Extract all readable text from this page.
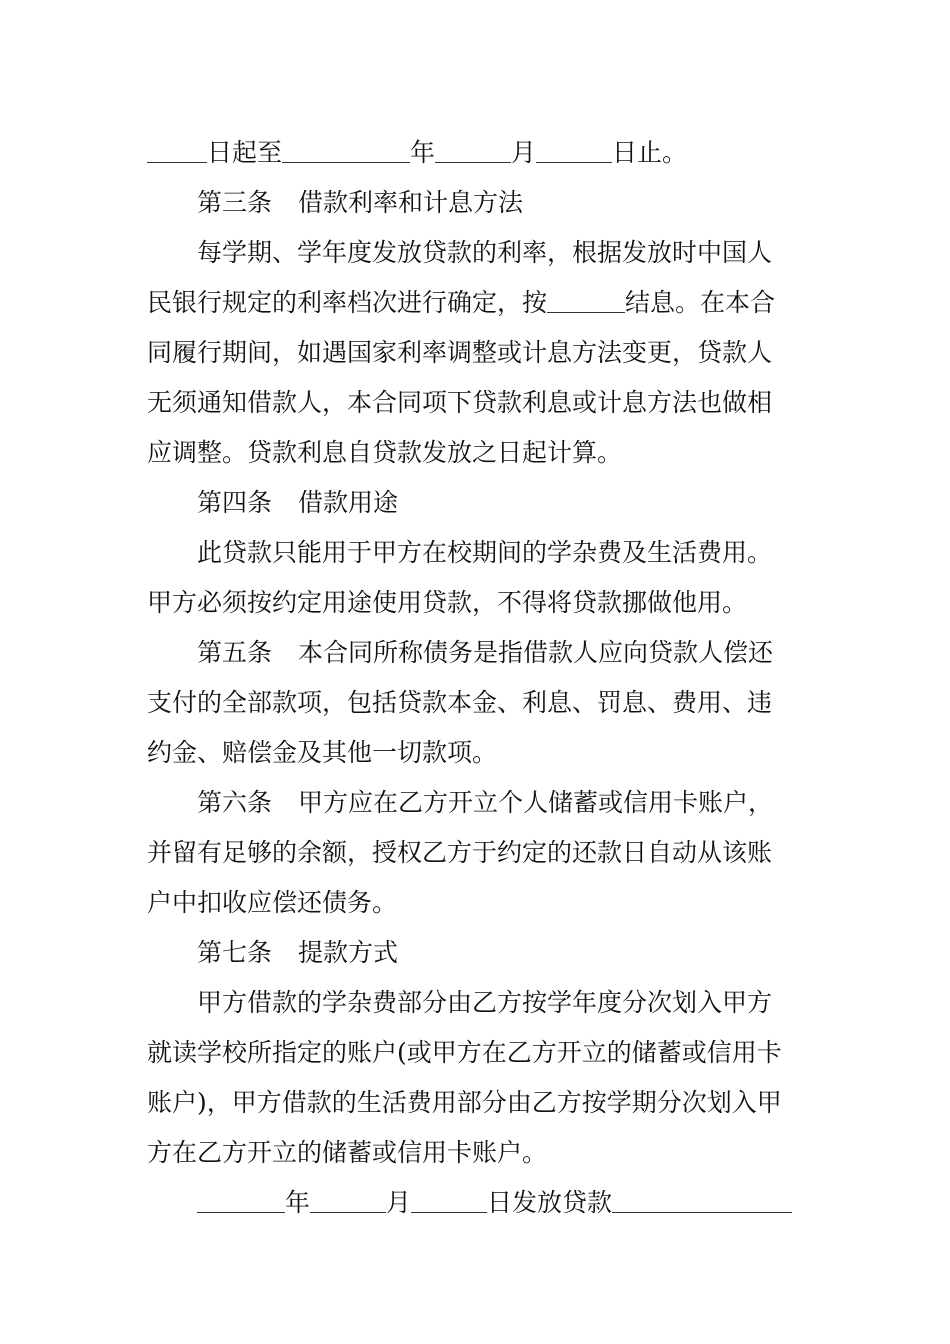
日起至	年	月	日止。
第三条 借款利率和计息方法
每学期、学年度发放贷款的利率，根据发放时中国人
民银行规定的利率档次进行确定，按	结息。在本合
同履行期间，如遇国家利率调整或计息方法变更，贷款人
无须通知借款人，本合同项下贷款利息或计息方法也做相
应调整。贷款利息自贷款发放之日起计算。
第四条 借款用途
此贷款只能用于甲方在校期间的学杂费及生活费用。
甲方必须按约定用途使用贷款，不得将贷款挪做他用。
第五条 本合同所称债务是指借款人应向贷款人偿还
支付的全部款项，包括贷款本金、利息、罚息、费用、违
约金、赔偿金及其他一切款项。
第六条 甲方应在乙方开立个人储蓄或信用卡账户，
并留有足够的余额，授权乙方于约定的还款日自动从该账
户中扣收应偿还债务。
第七条 提款方式
甲方借款的学杂费部分由乙方按学年度分次划入甲方
就读学校所指定的账户(或甲方在乙方开立的储蓄或信用卡
账户)，甲方借款的生活费用部分由乙方按学期分次划入甲
方在乙方开立的储蓄或信用卡账户。
年	月	日发放贷款
